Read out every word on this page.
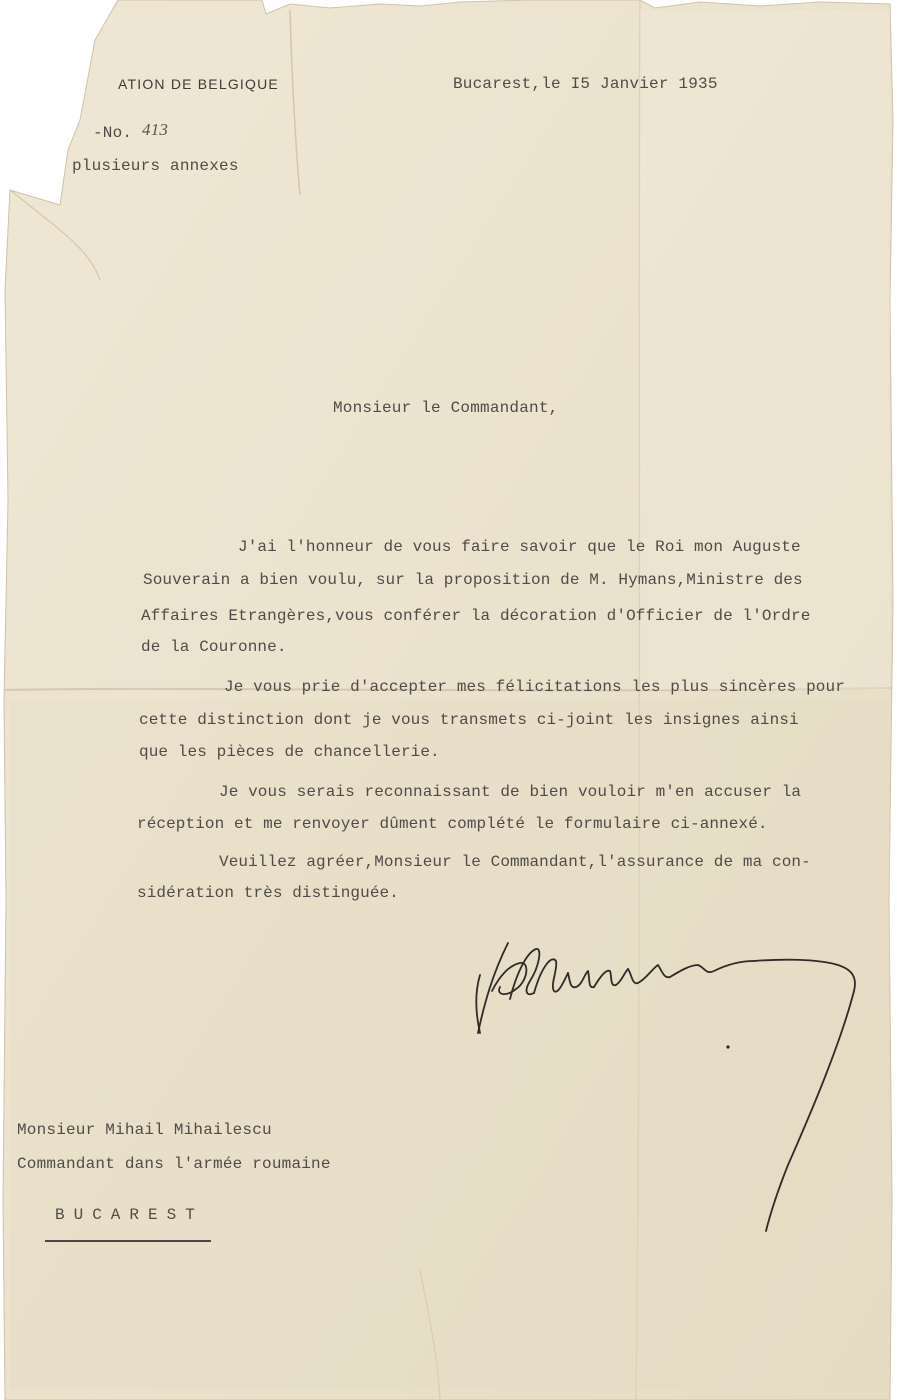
ATION DE BELGIQUE
-No. 413
plusieurs annexes
Bucarest,le I5 Janvier 1935
Monsieur le Commandant,
J'ai l'honneur de vous faire savoir que le Roi mon Auguste
Souverain a bien voulu, sur la proposition de M. Hymans,Ministre des
Affaires Etrangères,vous conférer la décoration d'Officier de l'Ordre
de la Couronne.
Je vous prie d'accepter mes félicitations les plus sincères pour
cette distinction dont je vous transmets ci-joint les insignes ainsi
que les pièces de chancellerie.
Je vous serais reconnaissant de bien vouloir m'en accuser la
réception et me renvoyer dûment complété le formulaire ci-annexé.
Veuillez agréer,Monsieur le Commandant,l'assurance de ma con-
sidération très distinguée.
Monsieur Mihail Mihailescu
Commandant dans l'armée roumaine
BUCAREST
